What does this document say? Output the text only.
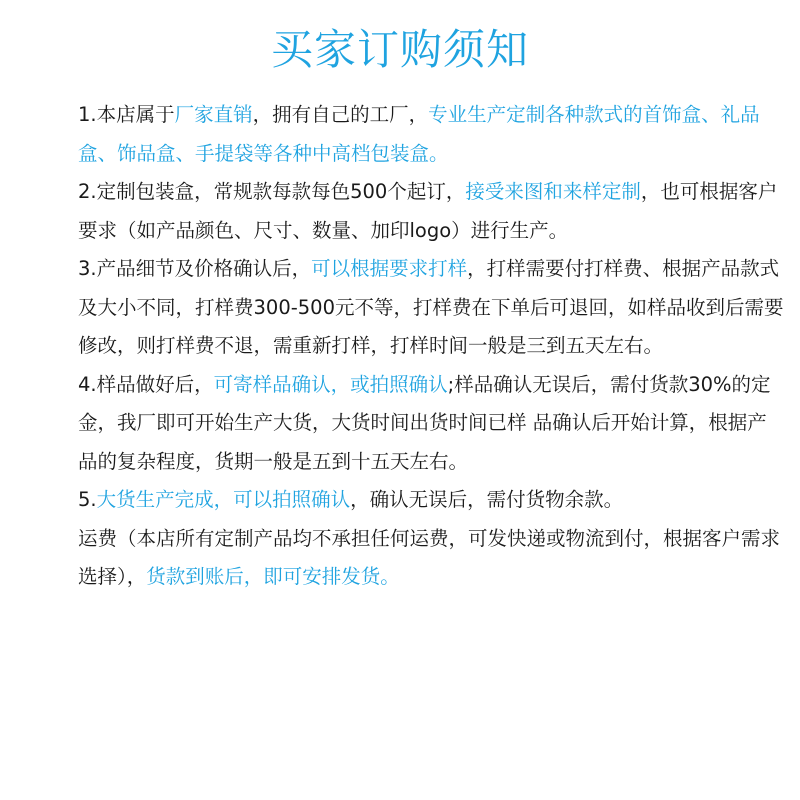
买家订购须知

1.本店属于厂家直销，拥有自己的工厂，专业生产定制各种款式的首饰盒、礼品盒、饰品盒、手提袋等各种中高档包装盒。

2.定制包装盒，常规款每款每色500个起订，接受来图和来样定制，也可根据客户要求（如产品颜色、尺寸、数量、加印logo）进行生产。

3.产品细节及价格确认后，可以根据要求打样，打样需要付打样费、根据产品款式及大小不同，打样费300-500元不等，打样费在下单后可退回，如样品收到后需要修改，则打样费不退，需重新打样，打样时间一般是三到五天左右。

4.样品做好后，可寄样品确认，或拍照确认;样品确认无误后，需付货款30%的定金，我厂即可开始生产大货，大货时间出货时间已样 品确认后开始计算，根据产品的复杂程度，货期一般是五到十五天左右。

5.大货生产完成，可以拍照确认，确认无误后，需付货物余款。

运费（本店所有定制产品均不承担任何运费，可发快递或物流到付，根据客户需求选择），货款到账后，即可安排发货。
